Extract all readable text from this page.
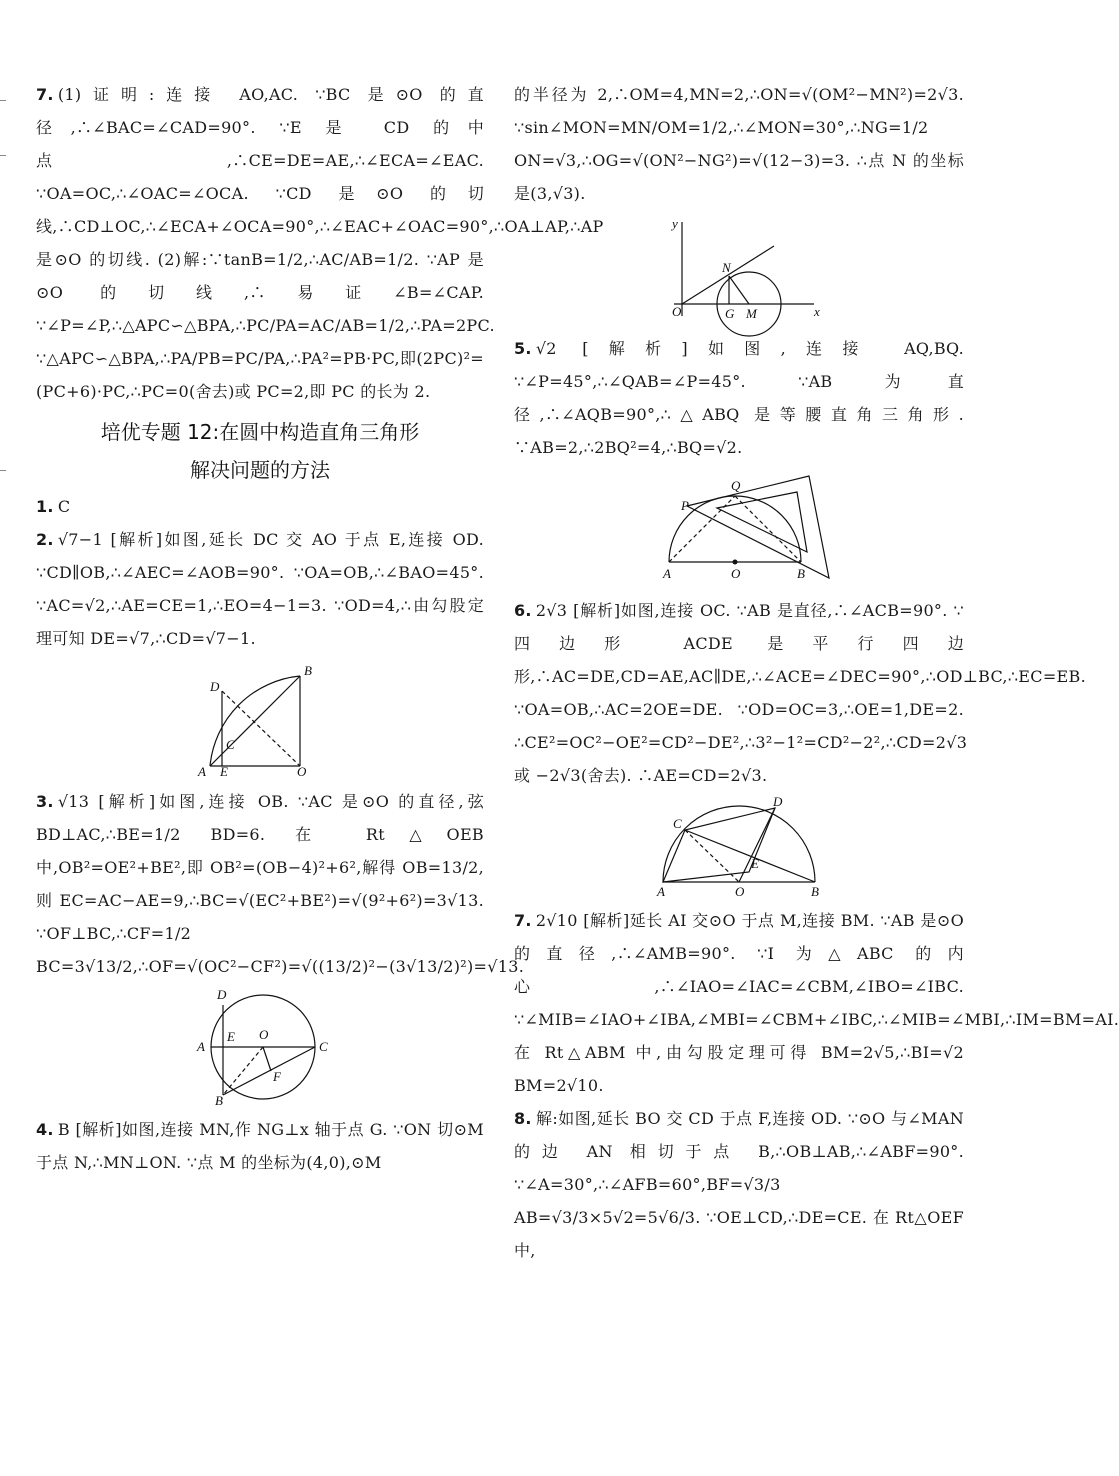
7. (1)证明:连接 AO,AC. ∵BC 是⊙O 的直径,∴∠BAC=∠CAD=90°. ∵E 是 CD 的中点,∴CE=DE=AE,∴∠ECA=∠EAC. ∵OA=OC,∴∠OAC=∠OCA. ∵CD 是⊙O 的切线,∴CD⊥OC,∴∠ECA+∠OCA=90°,∴∠EAC+∠OAC=90°,∴OA⊥AP,∴AP 是⊙O 的切线. (2)解:∵tanB=1/2,∴AC/AB=1/2. ∵AP 是⊙O 的切线,∴易证∠B=∠CAP. ∵∠P=∠P,∴△APC∽△BPA,∴PC/PA=AC/AB=1/2,∴PA=2PC. ∵△APC∽△BPA,∴PA/PB=PC/PA,∴PA²=PB·PC,即(2PC)²=(PC+6)·PC,∴PC=0(舍去)或 PC=2,即 PC 的长为 2.
培优专题 12:在圆中构造直角三角形
解决问题的方法
1. C
2. √7−1 [解析]如图,延长 DC 交 AO 于点 E,连接 OD. ∵CD∥OB,∴∠AEC=∠AOB=90°. ∵OA=OB,∴∠BAO=45°. ∵AC=√2,∴AE=CE=1,∴EO=4−1=3. ∵OD=4,∴由勾股定理可知 DE=√7,∴CD=√7−1.
A E	O
B
D
C
3. √13 [解析]如图,连接 OB. ∵AC 是⊙O 的直径,弦 BD⊥AC,∴BE=1/2 BD=6. 在 Rt△OEB 中,OB²=OE²+BE²,即 OB²=(OB−4)²+6²,解得 OB=13/2,则 EC=AC−AE=9,∴BC=√(EC²+BE²)=√(9²+6²)=3√13. ∵OF⊥BC,∴CF=1/2 BC=3√13/2,∴OF=√(OC²−CF²)=√((13/2)²−(3√13/2)²)=√13.
D
A
E O
C
F
B
4. B [解析]如图,连接 MN,作 NG⊥x 轴于点 G. ∵ON 切⊙M 于点 N,∴MN⊥ON. ∵点 M 的坐标为(4,0),⊙M
的半径为 2,∴OM=4,MN=2,∴ON=√(OM²−MN²)=2√3. ∵sin∠MON=MN/OM=1/2,∴∠MON=30°,∴NG=1/2 ON=√3,∴OG=√(ON²−NG²)=√(12−3)=3. ∴点 N 的坐标是(3,√3).
y
x
O
N
G M
5. √2 [解析]如图,连接 AQ,BQ. ∵∠P=45°,∴∠QAB=∠P=45°. ∵AB 为直径,∴∠AQB=90°,∴△ABQ 是等腰直角三角形. ∵AB=2,∴2BQ²=4,∴BQ=√2.
Q
P
A	O	B
6. 2√3 [解析]如图,连接 OC. ∵AB 是直径,∴∠ACB=90°. ∵四边形 ACDE 是平行四边形,∴AC=DE,CD=AE,AC∥DE,∴∠ACE=∠DEC=90°,∴OD⊥BC,∴EC=EB. ∵OA=OB,∴AC=2OE=DE. ∵OD=OC=3,∴OE=1,DE=2. ∴CE²=OC²−OE²=CD²−DE²,∴3²−1²=CD²−2²,∴CD=2√3 或 −2√3(舍去). ∴AE=CD=2√3.
D
C
E
A	O	B
7. 2√10 [解析]延长 AI 交⊙O 于点 M,连接 BM. ∵AB 是⊙O 的直径,∴∠AMB=90°. ∵I 为△ABC 的内心,∴∠IAO=∠IAC=∠CBM,∠IBO=∠IBC. ∵∠MIB=∠IAO+∠IBA,∠MBI=∠CBM+∠IBC,∴∠MIB=∠MBI,∴IM=BM=AI. 在 Rt△ABM 中,由勾股定理可得 BM=2√5,∴BI=√2 BM=2√10.
8. 解:如图,延长 BO 交 CD 于点 F,连接 OD. ∵⊙O 与∠MAN 的边 AN 相切于点 B,∴OB⊥AB,∴∠ABF=90°. ∵∠A=30°,∴∠AFB=60°,BF=√3/3 AB=√3/3×5√2=5√6/3. ∵OE⊥CD,∴DE=CE. 在 Rt△OEF 中,
